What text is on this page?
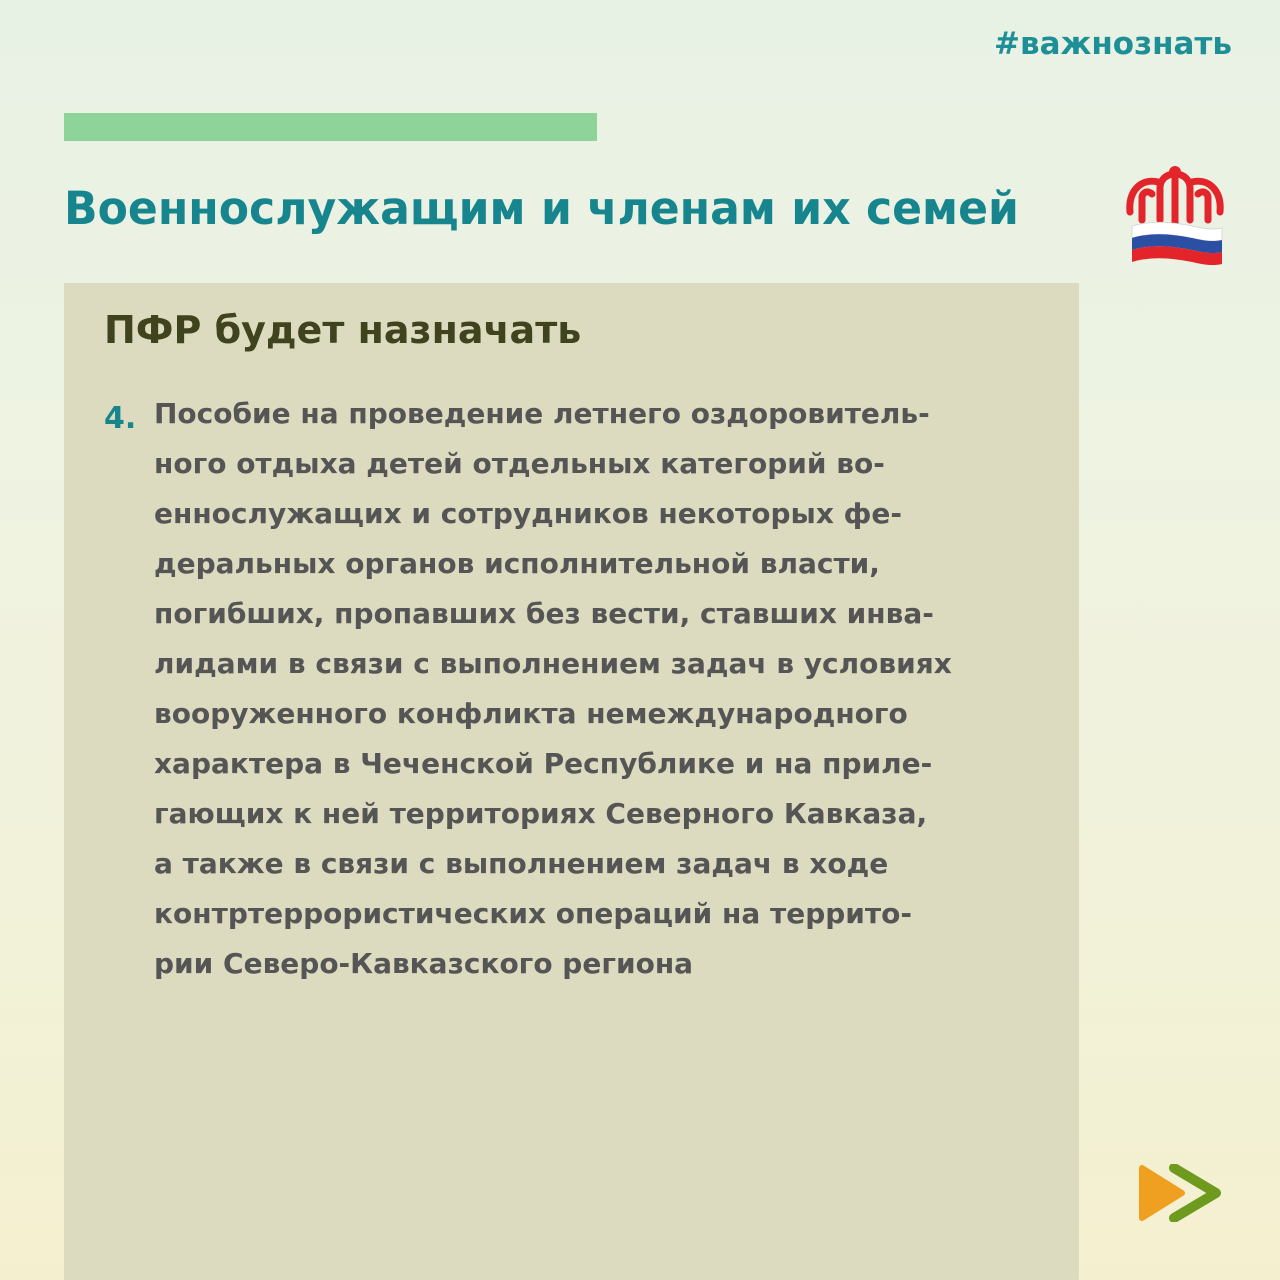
#важнознать
Военнослужащим и членам их семей
ПФР будет назначать
4. Пособие на проведение летнего оздоровитель-
ного отдыха детей отдельных категорий во-
еннослужащих и сотрудников некоторых фе-
деральных органов исполнительной власти,
погибших, пропавших без вести, ставших инва-
лидами в связи с выполнением задач в условиях
вооруженного конфликта немеждународного
характера в Чеченской Республике и на приле-
гающих к ней территориях Северного Кавказа,
а также в связи с выполнением задач в ходе
контртеррористических операций на террито-
рии Северо-Кавказского региона
